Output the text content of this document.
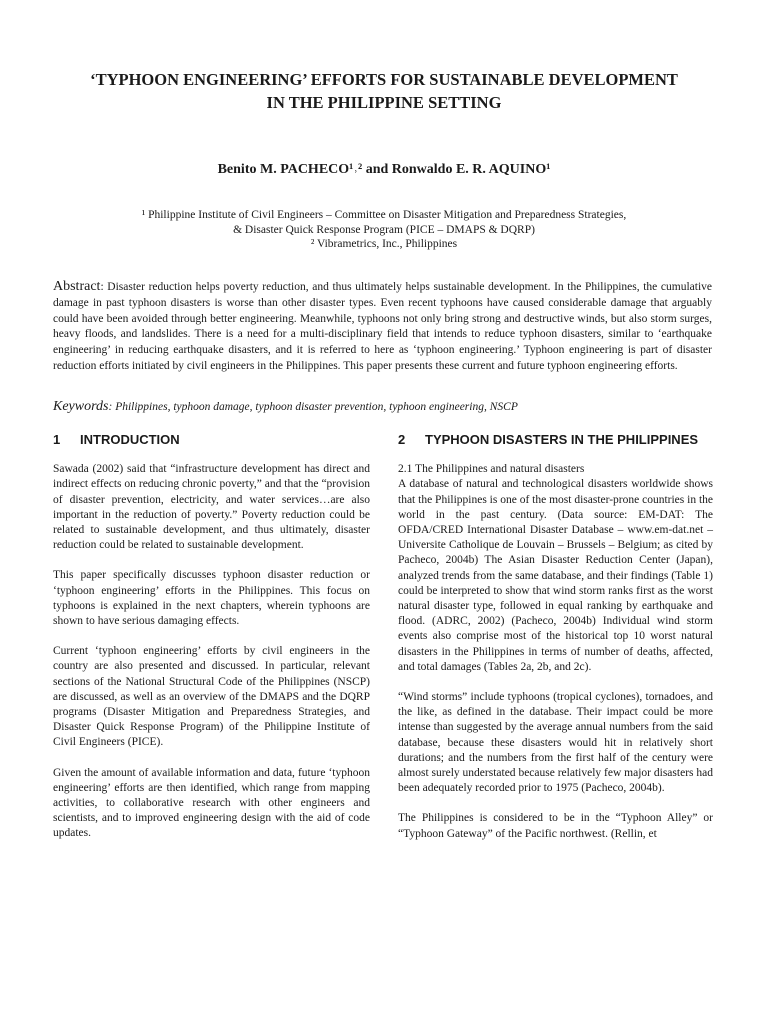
‘TYPHOON ENGINEERING’ EFFORTS FOR SUSTAINABLE DEVELOPMENT
IN THE PHILIPPINE SETTING

Benito M. PACHECO¹˒² and Ronwaldo E. R. AQUINO¹

¹ Philippine Institute of Civil Engineers – Committee on Disaster Mitigation and Preparedness Strategies,
& Disaster Quick Response Program (PICE – DMAPS & DQRP)
² Vibrametrics, Inc., Philippines

Abstract: Disaster reduction helps poverty reduction, and thus ultimately helps sustainable development. In the Philippines, the cumulative damage in past typhoon disasters is worse than other disaster types. Even recent typhoons have caused considerable damage that arguably could have been avoided through better engineering. Meanwhile, typhoons not only bring strong and destructive winds, but also storm surges, heavy floods, and landslides. There is a need for a multi-disciplinary field that intends to reduce typhoon disasters, similar to ‘earthquake engineering’ in reducing earthquake disasters, and it is referred to here as ‘typhoon engineering.’ Typhoon engineering is part of disaster reduction efforts initiated by civil engineers in the Philippines. This paper presents these current and future typhoon engineering efforts.

Keywords: Philippines, typhoon damage, typhoon disaster prevention, typhoon engineering, NSCP

1 INTRODUCTION

Sawada (2002) said that “infrastructure development has direct and indirect effects on reducing chronic poverty,” and that the “provision of disaster prevention, electricity, and water services…are also important in the reduction of poverty.” Poverty reduction could be related to sustainable development, and thus ultimately, disaster reduction could be related to sustainable development.

This paper specifically discusses typhoon disaster reduction or ‘typhoon engineering’ efforts in the Philippines. This focus on typhoons is explained in the next chapters, wherein typhoons are shown to have serious damaging effects.

Current ‘typhoon engineering’ efforts by civil engineers in the country are also presented and discussed. In particular, relevant sections of the National Structural Code of the Philippines (NSCP) are discussed, as well as an overview of the DMAPS and the DQRP programs (Disaster Mitigation and Preparedness Strategies, and Disaster Quick Response Program) of the Philippine Institute of Civil Engineers (PICE).

Given the amount of available information and data, future ‘typhoon engineering’ efforts are then identified, which range from mapping activities, to collaborative research with other engineers and scientists, and to improved engineering design with the aid of code updates.

2 TYPHOON DISASTERS IN THE PHILIPPINES

2.1 The Philippines and natural disasters

A database of natural and technological disasters worldwide shows that the Philippines is one of the most disaster-prone countries in the world in the past century. (Data source: EM-DAT: The OFDA/CRED International Disaster Database – www.em-dat.net – Universite Catholique de Louvain – Brussels – Belgium; as cited by Pacheco, 2004b) The Asian Disaster Reduction Center (Japan), analyzed trends from the same database, and their findings (Table 1) could be interpreted to show that wind storm ranks first as the worst natural disaster type, followed in equal ranking by earthquake and flood. (ADRC, 2002) (Pacheco, 2004b) Individual wind storm events also comprise most of the historical top 10 worst natural disasters in the Philippines in terms of number of deaths, affected, and total damages (Tables 2a, 2b, and 2c).

“Wind storms” include typhoons (tropical cyclones), tornadoes, and the like, as defined in the database. Their impact could be more intense than suggested by the average annual numbers from the said database, because these disasters would hit in relatively short durations; and the numbers from the first half of the century were almost surely understated because relatively few major disasters had been adequately recorded prior to 1975 (Pacheco, 2004b).

The Philippines is considered to be in the “Typhoon Alley” or “Typhoon Gateway” of the Pacific northwest. (Rellin, et
